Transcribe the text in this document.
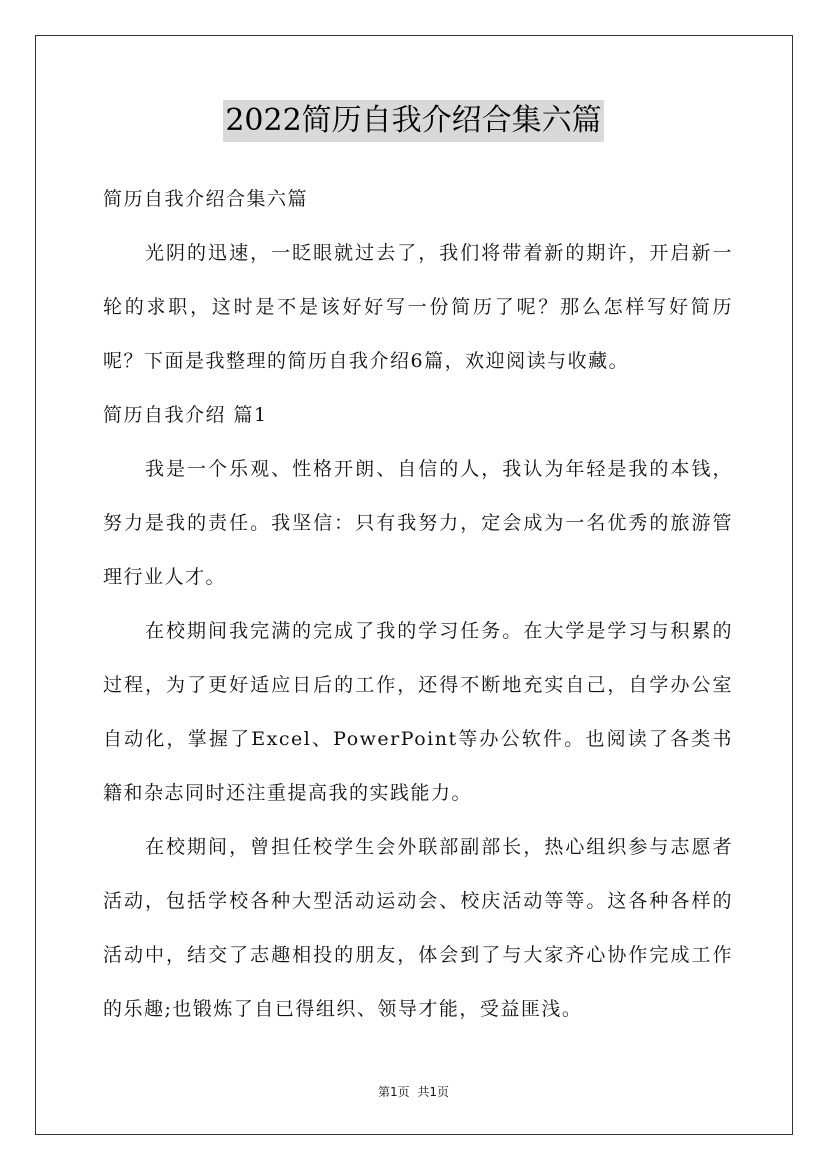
2022简历自我介绍合集六篇

简历自我介绍合集六篇

光阴的迅速，一眨眼就过去了，我们将带着新的期许，开启新一轮的求职，这时是不是该好好写一份简历了呢？那么怎样写好简历呢？下面是我整理的简历自我介绍6篇，欢迎阅读与收藏。

简历自我介绍 篇1

我是一个乐观、性格开朗、自信的人，我认为年轻是我的本钱，努力是我的责任。我坚信：只有我努力，定会成为一名优秀的旅游管理行业人才。

在校期间我完满的完成了我的学习任务。在大学是学习与积累的过程，为了更好适应日后的工作，还得不断地充实自己，自学办公室自动化，掌握了Excel、PowerPoint等办公软件。也阅读了各类书籍和杂志同时还注重提高我的实践能力。

在校期间，曾担任校学生会外联部副部长，热心组织参与志愿者活动，包括学校各种大型活动运动会、校庆活动等等。这各种各样的活动中，结交了志趣相投的朋友，体会到了与大家齐心协作完成工作的乐趣;也锻炼了自已得组织、领导才能，受益匪浅。

第1页 共1页
